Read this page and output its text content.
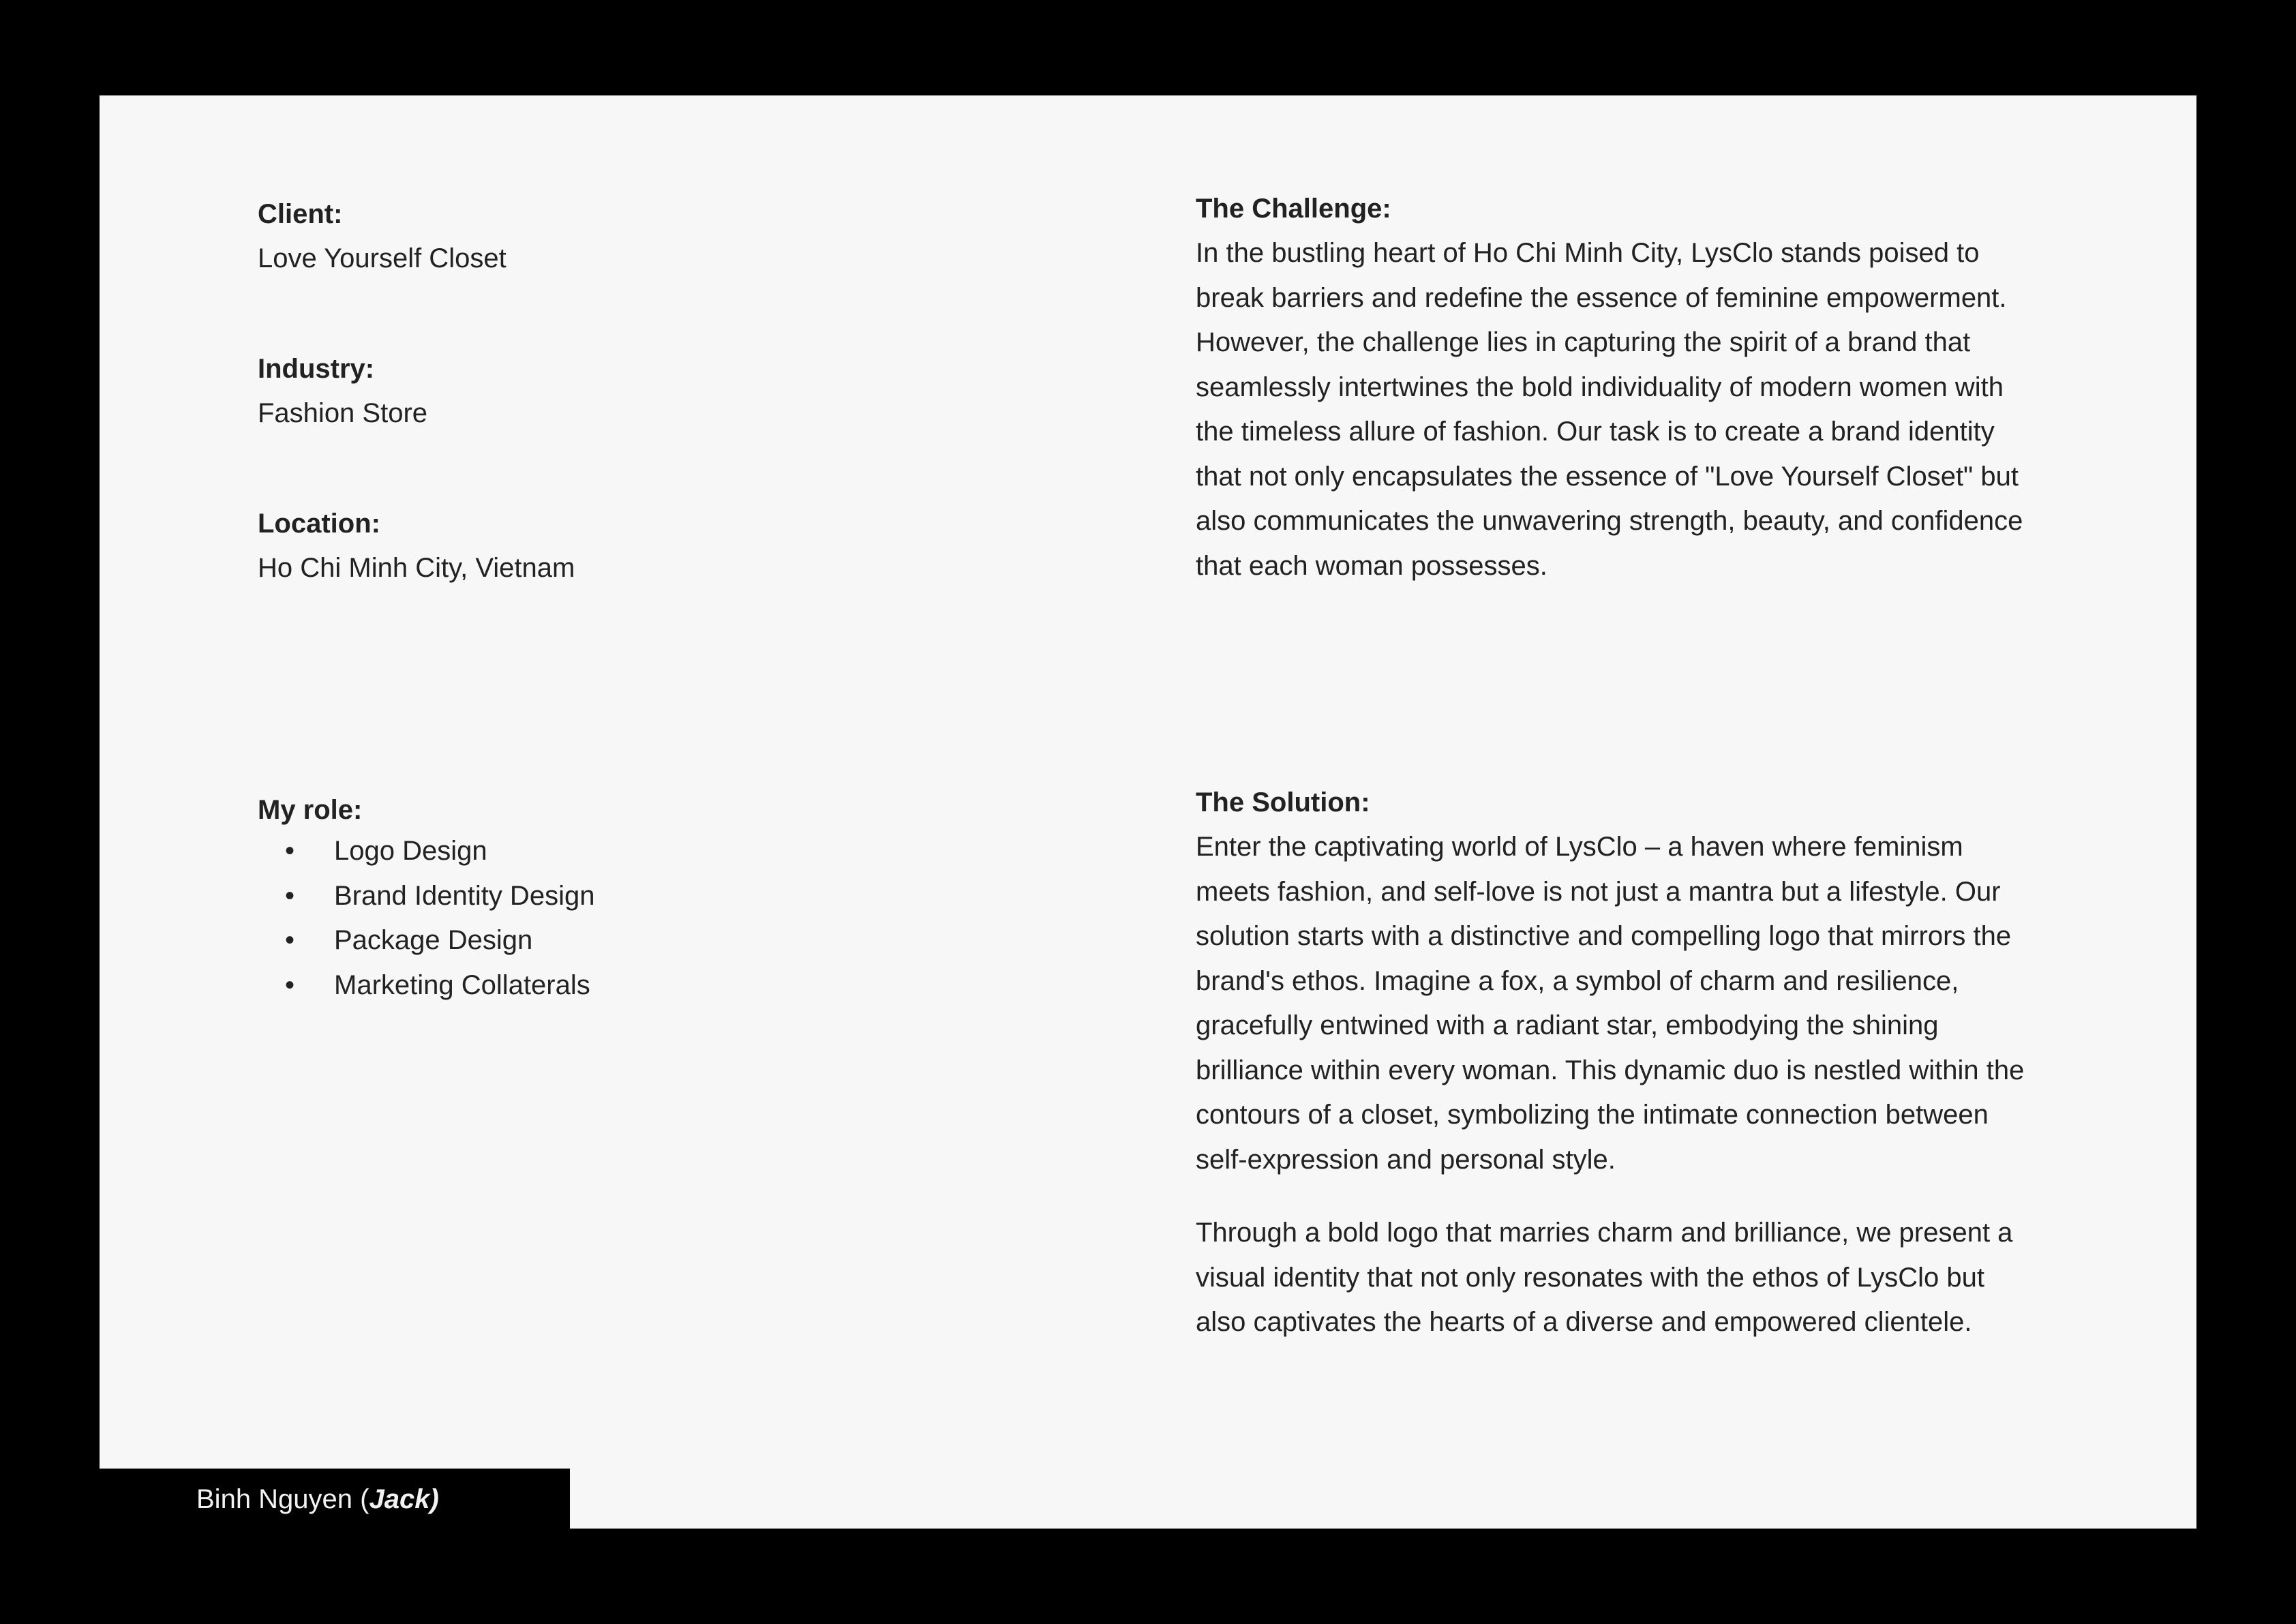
Client:

Love Yourself Closet

Industry:

Fashion Store

Location:

Ho Chi Minh City, Vietnam

My role:

• Logo Design
• Brand Identity Design
• Package Design
• Marketing Collaterals

The Challenge:

In the bustling heart of Ho Chi Minh City, LysClo stands poised to break barriers and redefine the essence of feminine empowerment. However, the challenge lies in capturing the spirit of a brand that seamlessly intertwines the bold individuality of modern women with the timeless allure of fashion. Our task is to create a brand identity that not only encapsulates the essence of "Love Yourself Closet" but also communicates the unwavering strength, beauty, and confidence that each woman possesses.

The Solution:

Enter the captivating world of LysClo – a haven where feminism meets fashion, and self-love is not just a mantra but a lifestyle. Our solution starts with a distinctive and compelling logo that mirrors the brand's ethos. Imagine a fox, a symbol of charm and resilience, gracefully entwined with a radiant star, embodying the shining brilliance within every woman. This dynamic duo is nestled within the contours of a closet, symbolizing the intimate connection between self-expression and personal style.

Through a bold logo that marries charm and brilliance, we present a visual identity that not only resonates with the ethos of LysClo but also captivates the hearts of a diverse and empowered clientele.

Binh Nguyen (Jack)
